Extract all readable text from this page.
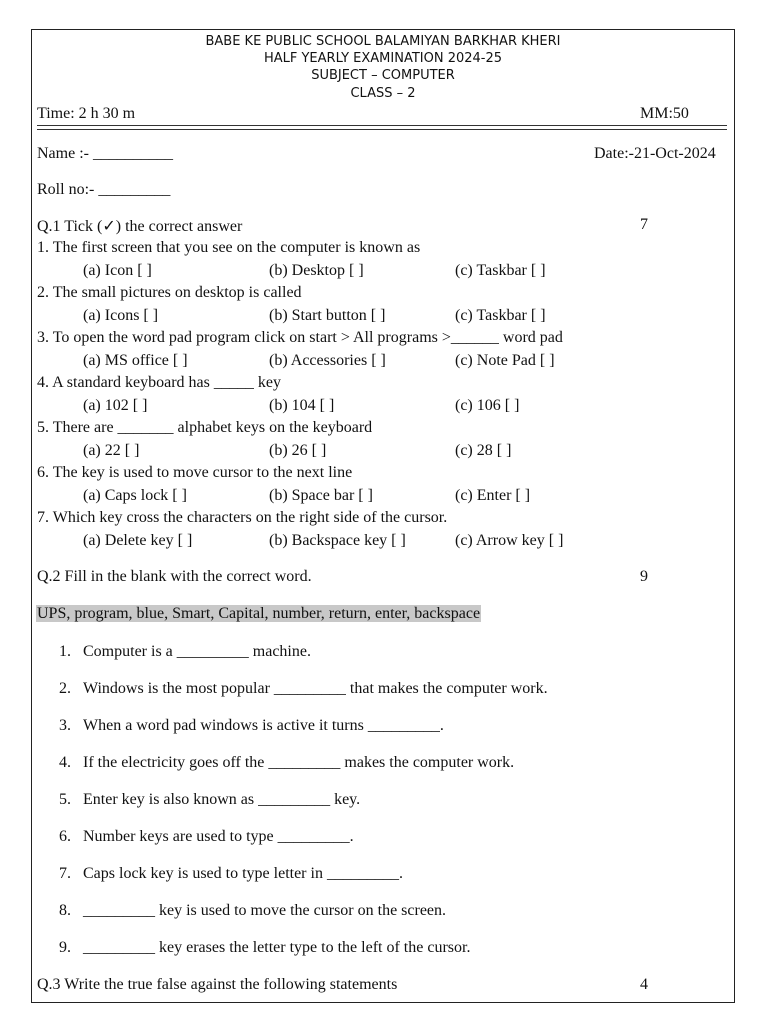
BABE KE PUBLIC SCHOOL BALAMIYAN BARKHAR KHERI
HALF YEARLY EXAMINATION 2024-25
SUBJECT – COMPUTER
CLASS – 2
Time: 2 h 30 m	MM:50
Name :- __________	Date:-21-Oct-2024
Roll no:- _________
Q.1 Tick (✓) the correct answer	7
1. The first screen that you see on the computer is known as
(a) Icon [ ]	(b) Desktop [ ]	(c) Taskbar [ ]
2. The small pictures on desktop is called
(a) Icons [ ]	(b) Start button [ ]	(c) Taskbar [ ]
3. To open the word pad program click on start > All programs >______ word pad
(a) MS office [ ]	(b) Accessories [ ]	(c) Note Pad [ ]
4. A standard keyboard has _____ key
(a) 102 [ ]	(b) 104 [ ]	(c) 106 [ ]
5. There are _______ alphabet keys on the keyboard
(a) 22 [ ]	(b) 26 [ ]	(c) 28 [ ]
6. The key is used to move cursor to the next line
(a) Caps lock [ ]	(b) Space bar [ ]	(c) Enter [ ]
7. Which key cross the characters on the right side of the cursor.
(a) Delete key [ ]	(b) Backspace key [ ]	(c) Arrow key [ ]
Q.2 Fill in the blank with the correct word.	9
UPS, program, blue, Smart, Capital, number, return, enter, backspace
1. Computer is a _________ machine.
2. Windows is the most popular _________ that makes the computer work.
3. When a word pad windows is active it turns _________.
4. If the electricity goes off the _________ makes the computer work.
5. Enter key is also known as _________ key.
6. Number keys are used to type _________.
7. Caps lock key is used to type letter in _________.
8. _________ key is used to move the cursor on the screen.
9. _________ key erases the letter type to the left of the cursor.
Q.3 Write the true false against the following statements	4
